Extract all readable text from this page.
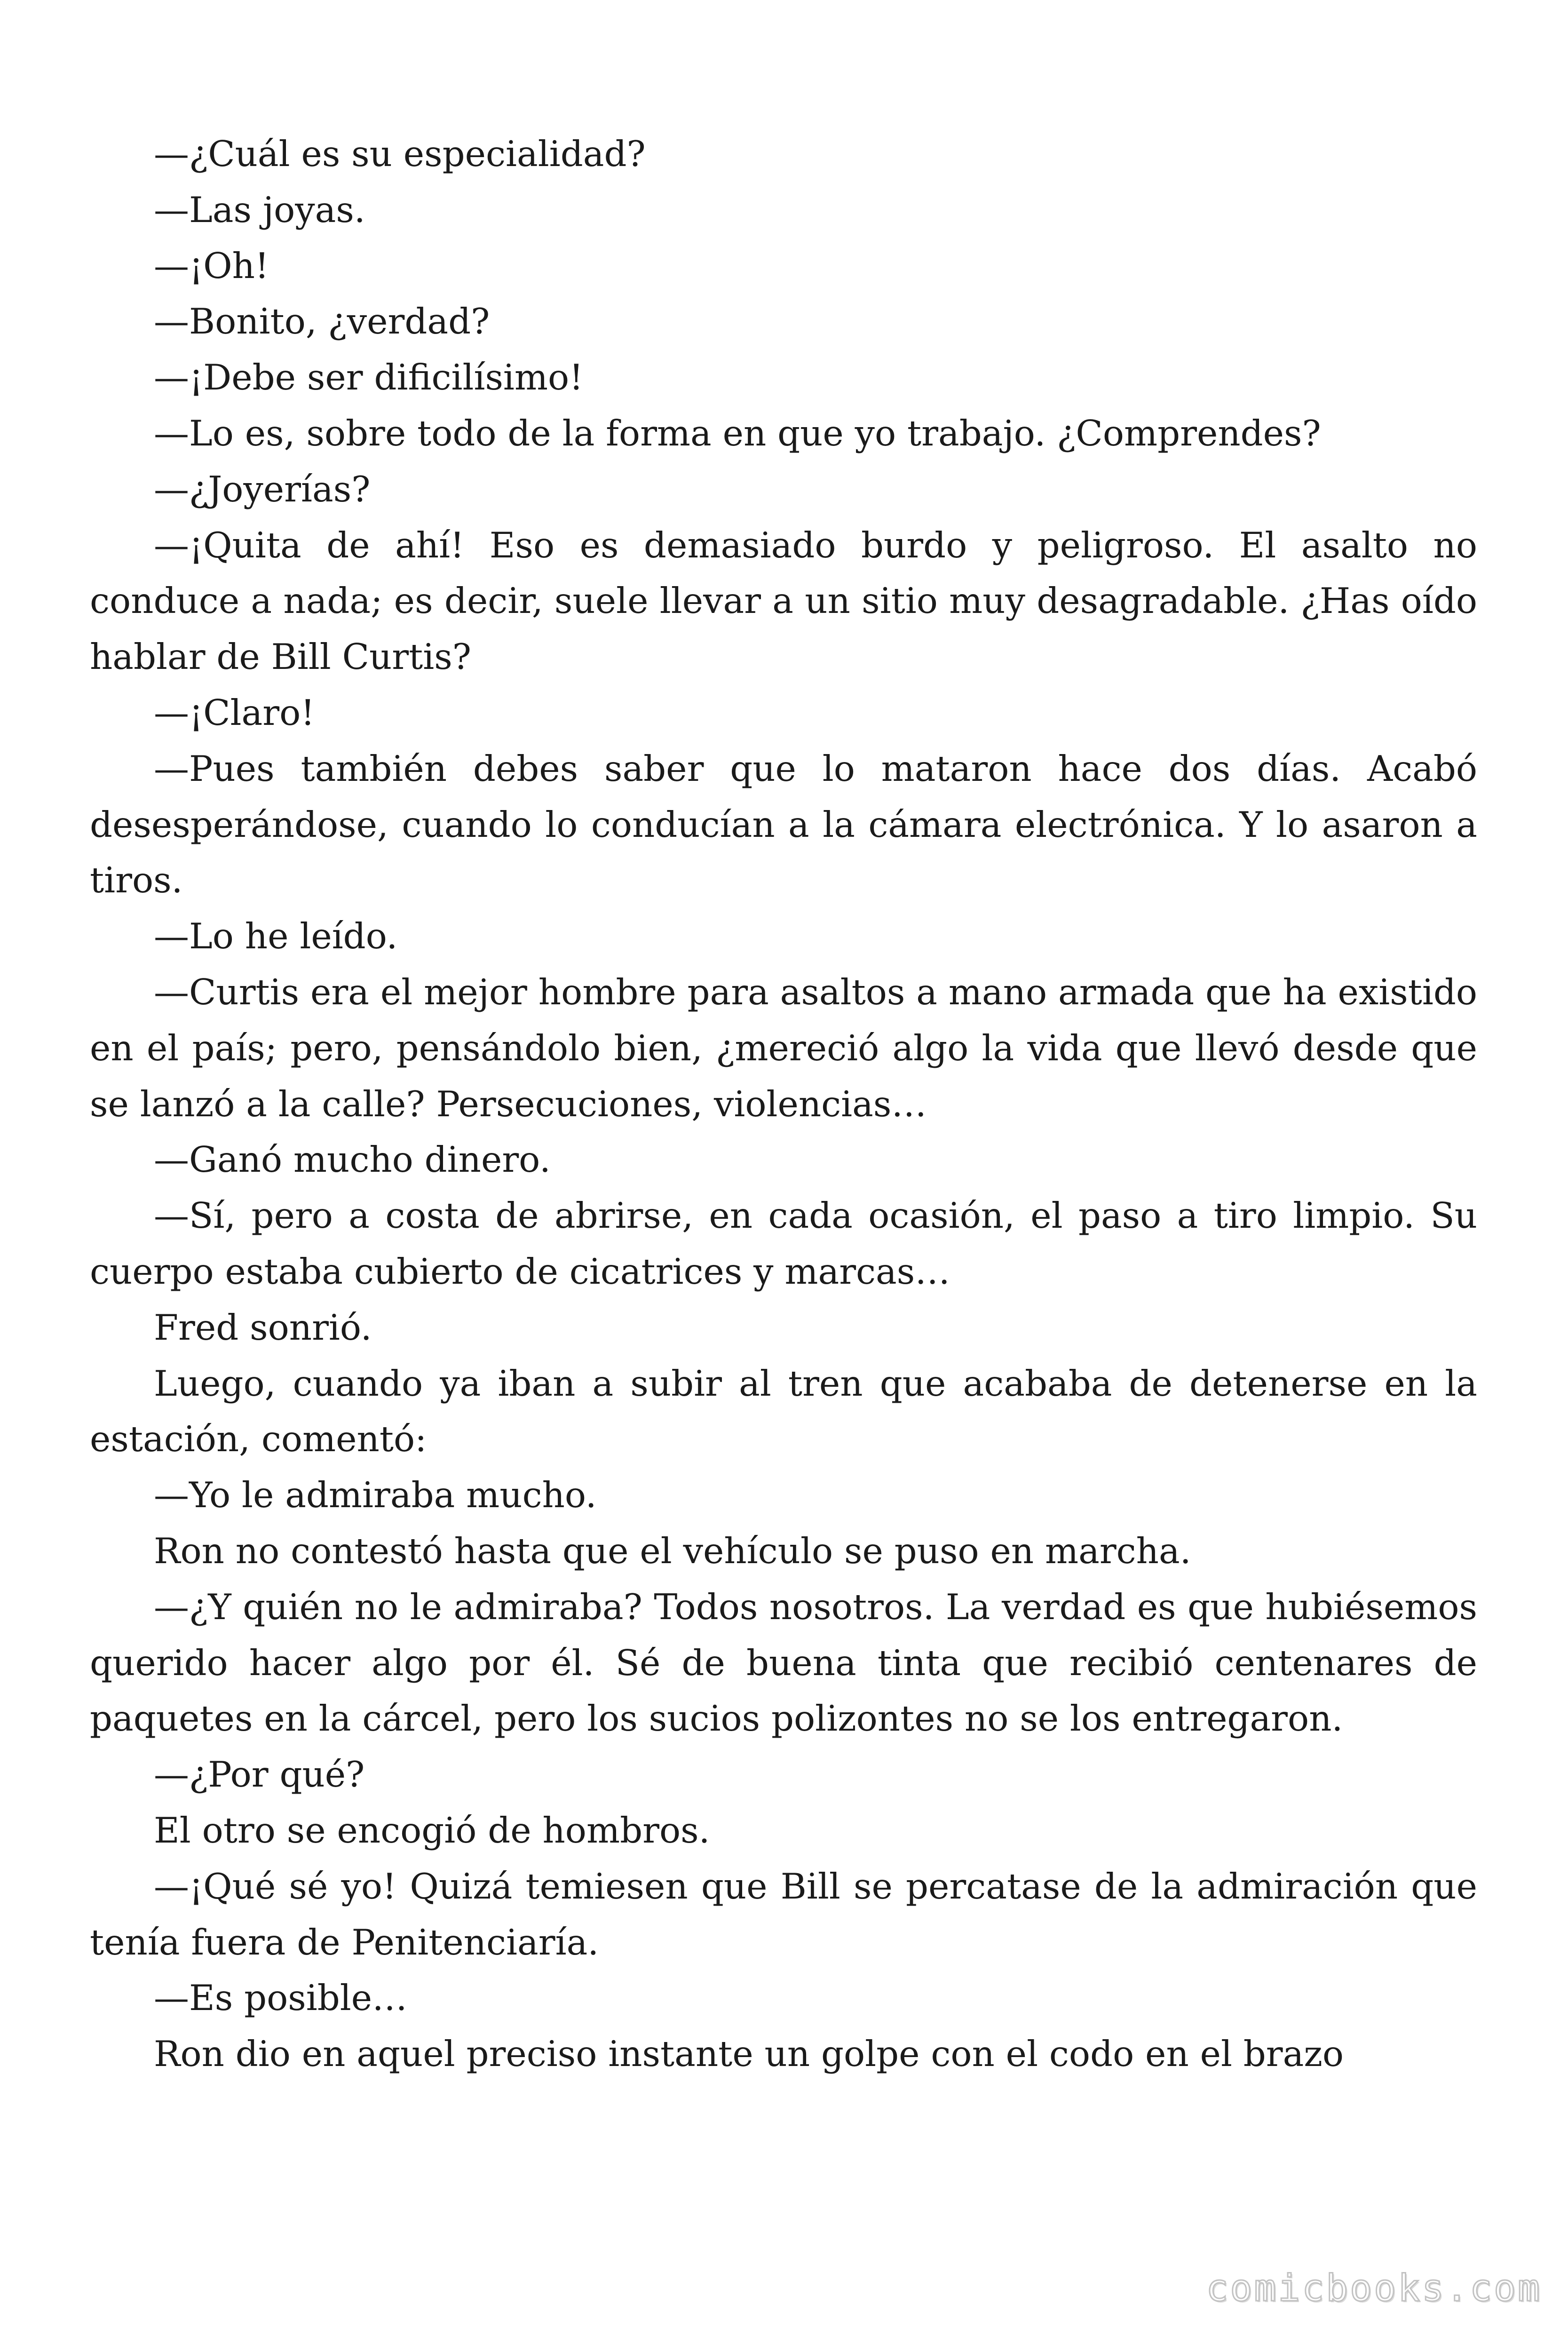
—¿Cuál es su especialidad?

—Las joyas.

—¡Oh!

—Bonito, ¿verdad?

—¡Debe ser dificilísimo!

—Lo es, sobre todo de la forma en que yo trabajo. ¿Comprendes?

—¿Joyerías?

—¡Quita de ahí! Eso es demasiado burdo y peligroso. El asalto no conduce a nada; es decir, suele llevar a un sitio muy desagradable. ¿Has oído hablar de Bill Curtis?

—¡Claro!

—Pues también debes saber que lo mataron hace dos días. Acabó desesperándose, cuando lo conducían a la cámara electrónica. Y lo asaron a tiros.

—Lo he leído.

—Curtis era el mejor hombre para asaltos a mano armada que ha existido en el país; pero, pensándolo bien, ¿mereció algo la vida que llevó desde que se lanzó a la calle? Persecuciones, violencias…

—Ganó mucho dinero.

—Sí, pero a costa de abrirse, en cada ocasión, el paso a tiro limpio. Su cuerpo estaba cubierto de cicatrices y marcas…

Fred sonrió.

Luego, cuando ya iban a subir al tren que acababa de detenerse en la estación, comentó:

—Yo le admiraba mucho.

Ron no contestó hasta que el vehículo se puso en marcha.

—¿Y quién no le admiraba? Todos nosotros. La verdad es que hubiésemos querido hacer algo por él. Sé de buena tinta que recibió centenares de paquetes en la cárcel, pero los sucios polizontes no se los entregaron.

—¿Por qué?

El otro se encogió de hombros.

—¡Qué sé yo! Quizá temiesen que Bill se percatase de la admiración que tenía fuera de Penitenciaría.

—Es posible…

Ron dio en aquel preciso instante un golpe con el codo en el brazo

comicbooks.com
